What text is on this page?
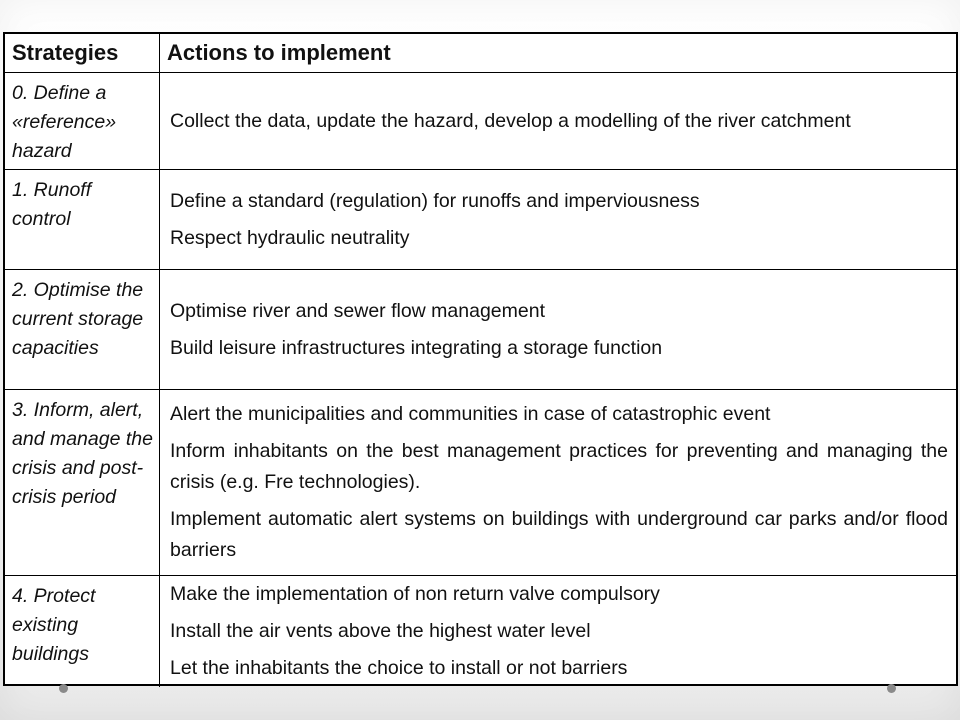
Strategies	Actions to implement
0. Define a «reference» hazard
Collect the data, update the hazard, develop a modelling of the river catchment
1. Runoff control
Define a standard (regulation) for runoffs and imperviousness
Respect hydraulic neutrality
2. Optimise the current storage capacities
Optimise river and sewer flow management
Build leisure infrastructures integrating a storage function
3. Inform, alert, and manage the crisis and post-crisis period
Alert the municipalities and communities in case of catastrophic event
Inform inhabitants on the best management practices for preventing and managing the crisis (e.g. Fre technologies).
Implement automatic alert systems on buildings with underground car parks and/or flood barriers
4. Protect existing buildings
Make the implementation of non return valve compulsory
Install the air vents above the highest water level
Let the inhabitants the choice to install or not barriers
